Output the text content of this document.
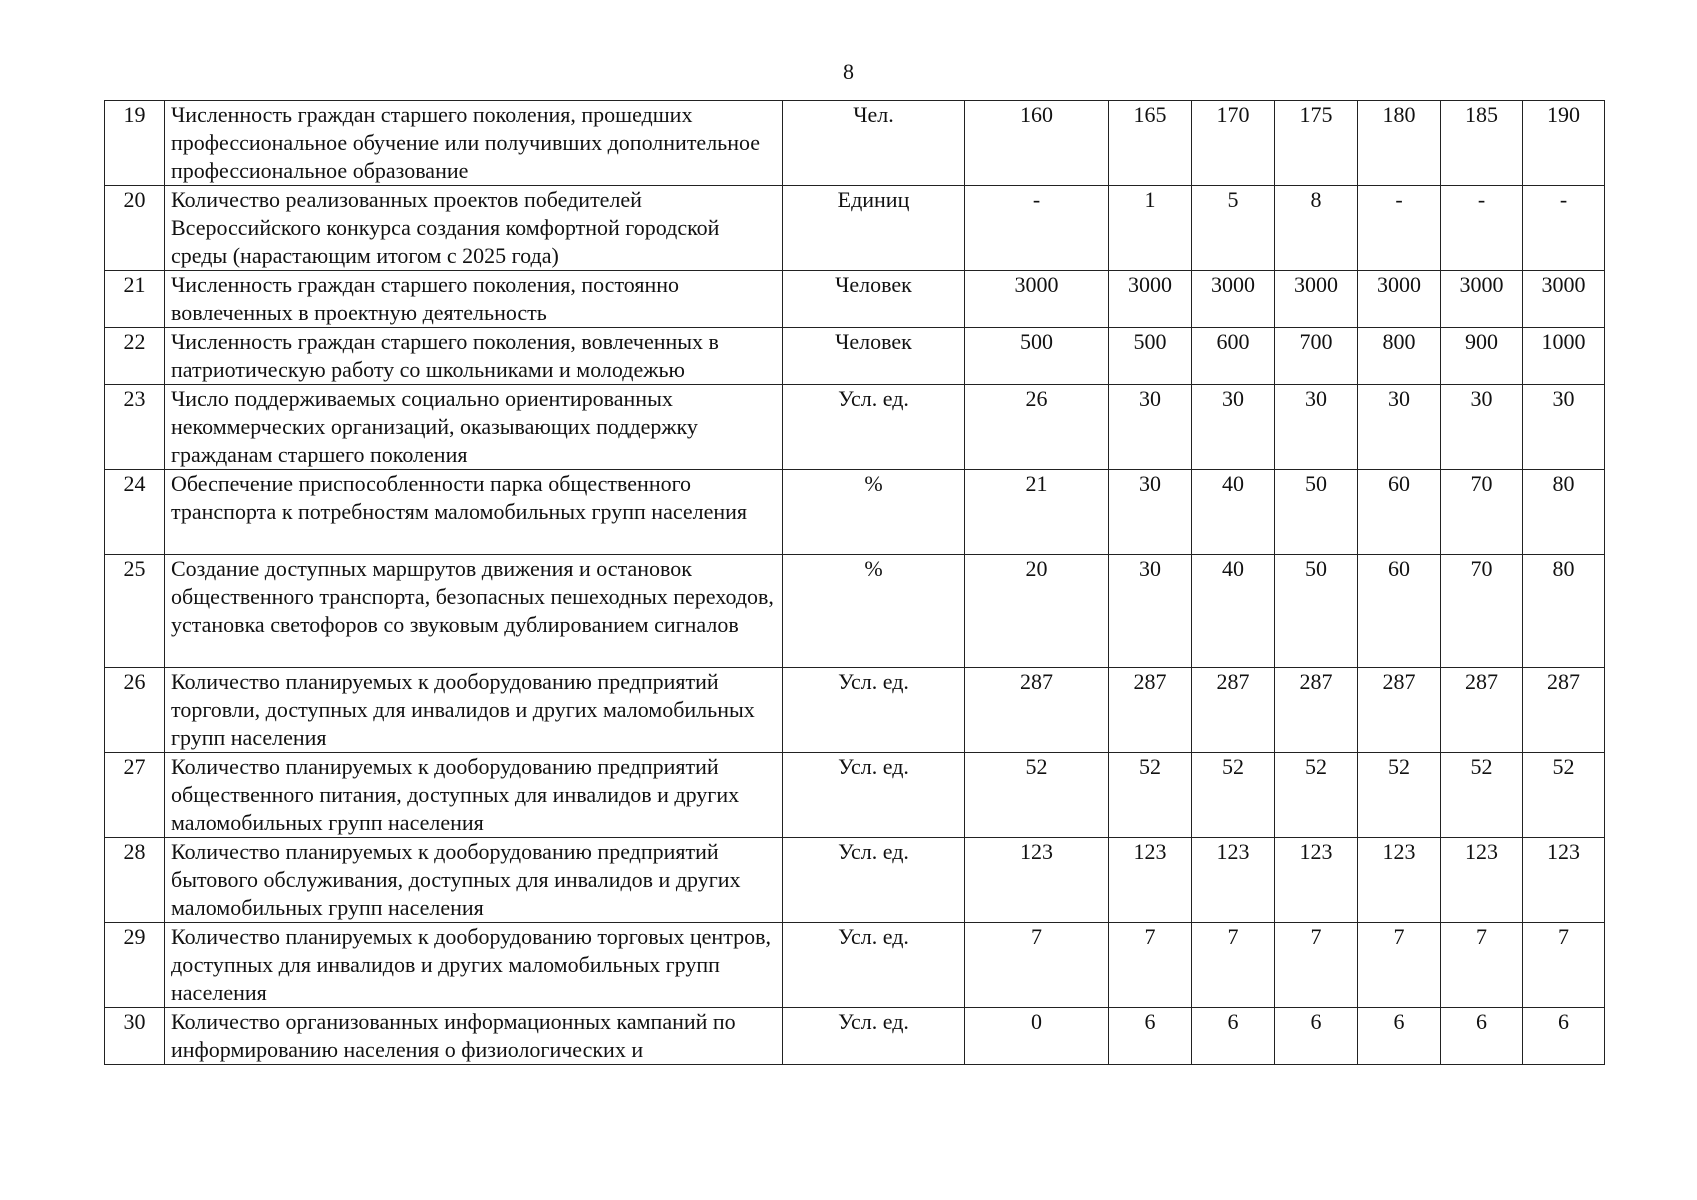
8
19	Численность граждан старшего поколения, прошедших профессиональное обучение или получивших дополнительное профессиональное образование	Чел.	160	165	170	175	180	185	190
20	Количество реализованных проектов победителей Всероссийского конкурса создания комфортной городской среды (нарастающим итогом с 2025 года)	Единиц	-	1	5	8	-	-	-
21	Численность граждан старшего поколения, постоянно вовлеченных в проектную деятельность	Человек	3000	3000	3000	3000	3000	3000	3000
22	Численность граждан старшего поколения, вовлеченных в патриотическую работу со школьниками и молодежью	Человек	500	500	600	700	800	900	1000
23	Число поддерживаемых социально ориентированных некоммерческих организаций, оказывающих поддержку гражданам старшего поколения	Усл. ед.	26	30	30	30	30	30	30
24	Обеспечение приспособленности парка общественного транспорта к потребностям маломобильных групп населения	%	21	30	40	50	60	70	80
25	Создание доступных маршрутов движения и остановок общественного транспорта, безопасных пешеходных переходов, установка светофоров со звуковым дублированием сигналов	%	20	30	40	50	60	70	80
26	Количество планируемых к дооборудованию предприятий торговли, доступных для инвалидов и других маломобильных групп населения	Усл. ед.	287	287	287	287	287	287	287
27	Количество планируемых к дооборудованию предприятий общественного питания, доступных для инвалидов и других маломобильных групп населения	Усл. ед.	52	52	52	52	52	52	52
28	Количество планируемых к дооборудованию предприятий бытового обслуживания, доступных для инвалидов и других маломобильных групп населения	Усл. ед.	123	123	123	123	123	123	123
29	Количество планируемых к дооборудованию торговых центров, доступных для инвалидов и других маломобильных групп населения	Усл. ед.	7	7	7	7	7	7	7
30	Количество организованных информационных кампаний по информированию населения о физиологических и	Усл. ед.	0	6	6	6	6	6	6
